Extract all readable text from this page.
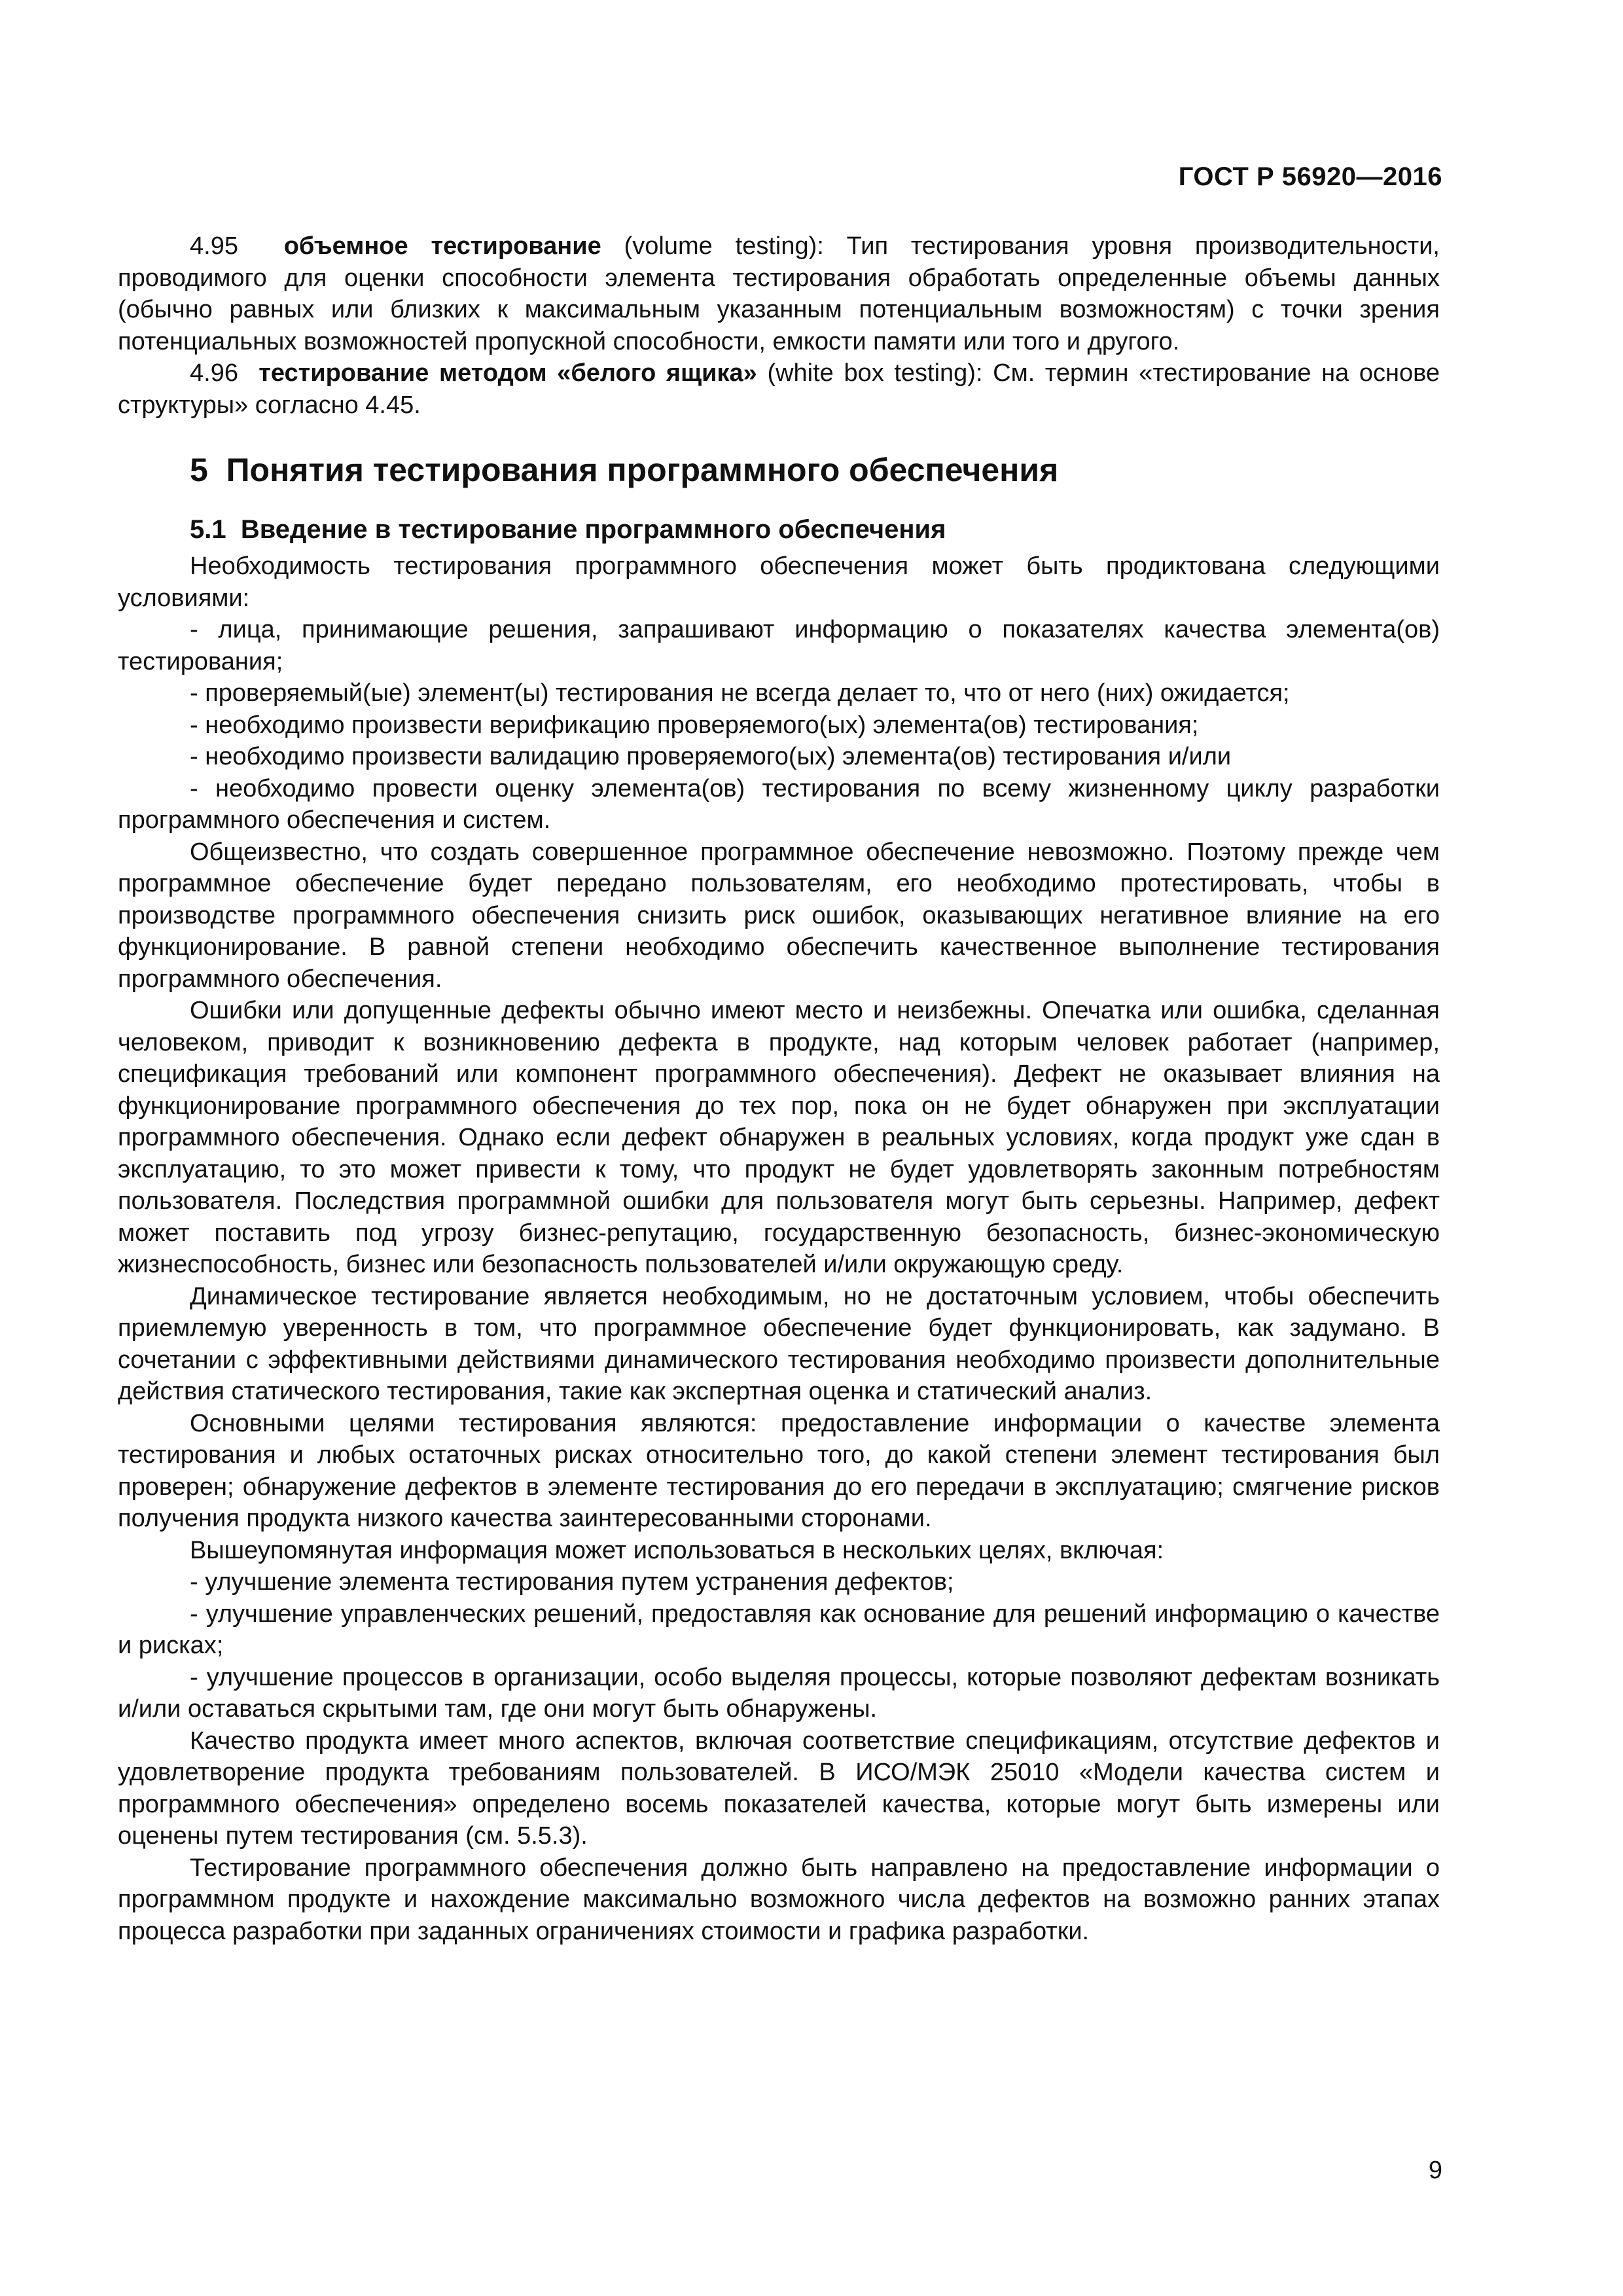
ГОСТ Р 56920—2016

4.95 объемное тестирование (volume testing): Тип тестирования уровня производительности, проводимого для оценки способности элемента тестирования обработать определенные объемы данных (обычно равных или близких к максимальным указанным потенциальным возможностям) с точки зрения потенциальных возможностей пропускной способности, емкости памяти или того и другого.

4.96 тестирование методом «белого ящика» (white box testing): См. термин «тестирование на основе структуры» согласно 4.45.

5 Понятия тестирования программного обеспечения
5.1 Введение в тестирование программного обеспечения

Необходимость тестирования программного обеспечения может быть продиктована следующими условиями:

- лица, принимающие решения, запрашивают информацию о показателях качества элемента(ов) тестирования;

- проверяемый(ые) элемент(ы) тестирования не всегда делает то, что от него (них) ожидается;

- необходимо произвести верификацию проверяемого(ых) элемента(ов) тестирования;

- необходимо произвести валидацию проверяемого(ых) элемента(ов) тестирования и/или

- необходимо провести оценку элемента(ов) тестирования по всему жизненному циклу разработки программного обеспечения и систем.

Общеизвестно, что создать совершенное программное обеспечение невозможно. Поэтому прежде чем программное обеспечение будет передано пользователям, его необходимо протестировать, чтобы в производстве программного обеспечения снизить риск ошибок, оказывающих негативное влияние на его функционирование. В равной степени необходимо обеспечить качественное выполнение тестирования программного обеспечения.

Ошибки или допущенные дефекты обычно имеют место и неизбежны. Опечатка или ошибка, сделанная человеком, приводит к возникновению дефекта в продукте, над которым человек работает (например, спецификация требований или компонент программного обеспечения). Дефект не оказывает влияния на функционирование программного обеспечения до тех пор, пока он не будет обнаружен при эксплуатации программного обеспечения. Однако если дефект обнаружен в реальных условиях, когда продукт уже сдан в эксплуатацию, то это может привести к тому, что продукт не будет удовлетворять законным потребностям пользователя. Последствия программной ошибки для пользователя могут быть серьезны. Например, дефект может поставить под угрозу бизнес-репутацию, государственную безопасность, бизнес-экономическую жизнеспособность, бизнес или безопасность пользователей и/или окружающую среду.

Динамическое тестирование является необходимым, но не достаточным условием, чтобы обеспечить приемлемую уверенность в том, что программное обеспечение будет функционировать, как задумано. В сочетании с эффективными действиями динамического тестирования необходимо произвести дополнительные действия статического тестирования, такие как экспертная оценка и статический анализ.

Основными целями тестирования являются: предоставление информации о качестве элемента тестирования и любых остаточных рисках относительно того, до какой степени элемент тестирования был проверен; обнаружение дефектов в элементе тестирования до его передачи в эксплуатацию; смягчение рисков получения продукта низкого качества заинтересованными сторонами.

Вышеупомянутая информация может использоваться в нескольких целях, включая:

- улучшение элемента тестирования путем устранения дефектов;

- улучшение управленческих решений, предоставляя как основание для решений информацию о качестве и рисках;

- улучшение процессов в организации, особо выделяя процессы, которые позволяют дефектам возникать и/или оставаться скрытыми там, где они могут быть обнаружены.

Качество продукта имеет много аспектов, включая соответствие спецификациям, отсутствие дефектов и удовлетворение продукта требованиям пользователей. В ИСО/МЭК 25010 «Модели качества систем и программного обеспечения» определено восемь показателей качества, которые могут быть измерены или оценены путем тестирования (см. 5.5.3).

Тестирование программного обеспечения должно быть направлено на предоставление информации о программном продукте и нахождение максимально возможного числа дефектов на возможно ранних этапах процесса разработки при заданных ограничениях стоимости и графика разработки.

9
